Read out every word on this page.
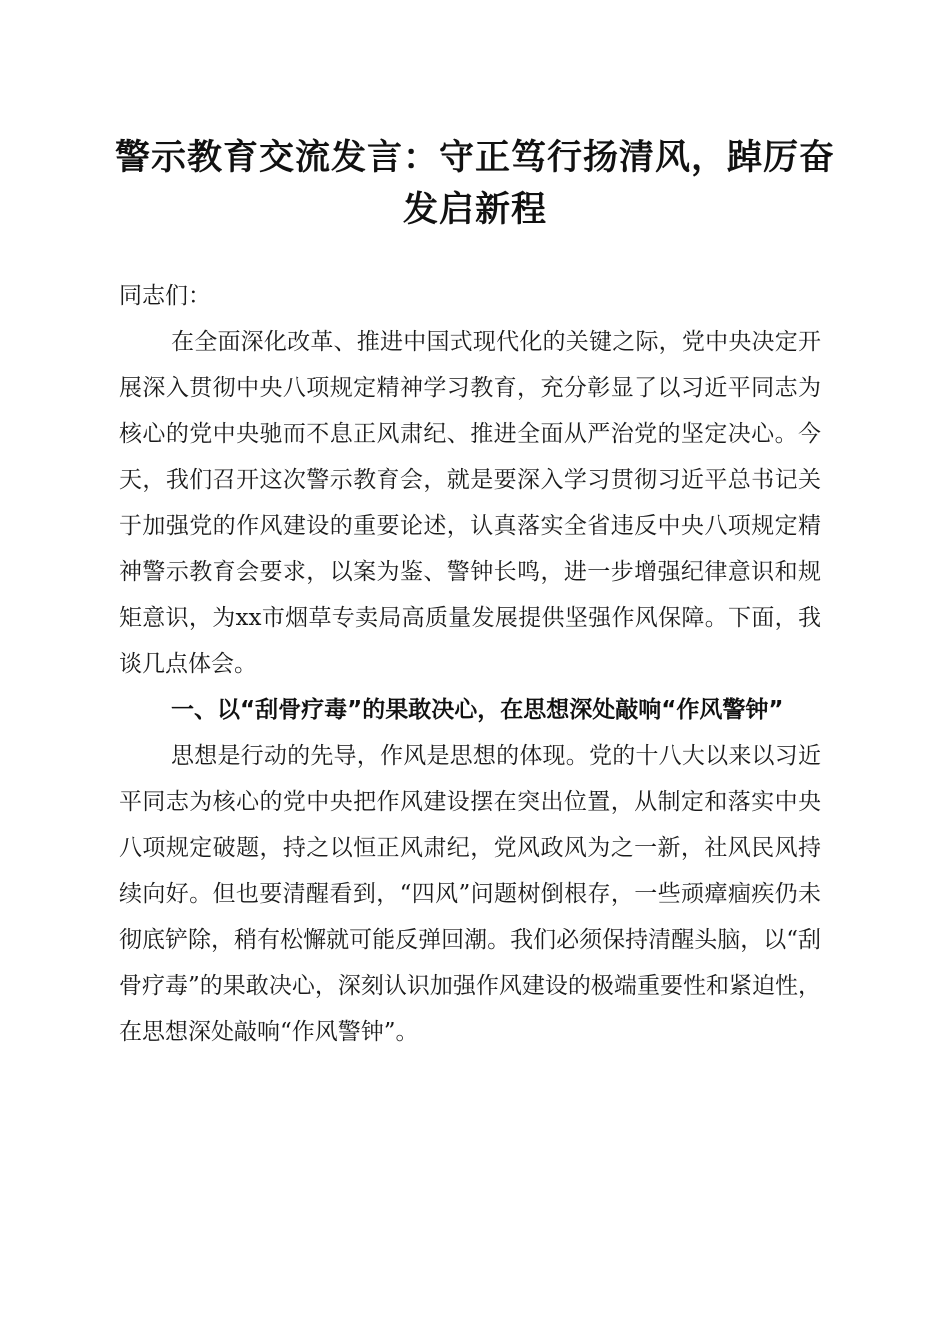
警示教育交流发言：守正笃行扬清风，踔厉奋
发启新程

同志们：

在全面深化改革、推进中国式现代化的关键之际，党中央决定开展深入贯彻中央八项规定精神学习教育，充分彰显了以习近平同志为核心的党中央驰而不息正风肃纪、推进全面从严治党的坚定决心。今天，我们召开这次警示教育会，就是要深入学习贯彻习近平总书记关于加强党的作风建设的重要论述，认真落实全省违反中央八项规定精神警示教育会要求，以案为鉴、警钟长鸣，进一步增强纪律意识和规矩意识，为xx市烟草专卖局高质量发展提供坚强作风保障。下面，我谈几点体会。

一、以“刮骨疗毒”的果敢决心，在思想深处敲响“作风警钟”

思想是行动的先导，作风是思想的体现。党的十八大以来以习近平同志为核心的党中央把作风建设摆在突出位置，从制定和落实中央八项规定破题，持之以恒正风肃纪，党风政风为之一新，社风民风持续向好。但也要清醒看到，“四风”问题树倒根存，一些顽瘴痼疾仍未彻底铲除，稍有松懈就可能反弹回潮。我们必须保持清醒头脑，以“刮骨疗毒”的果敢决心，深刻认识加强作风建设的极端重要性和紧迫性，在思想深处敲响“作风警钟”。
